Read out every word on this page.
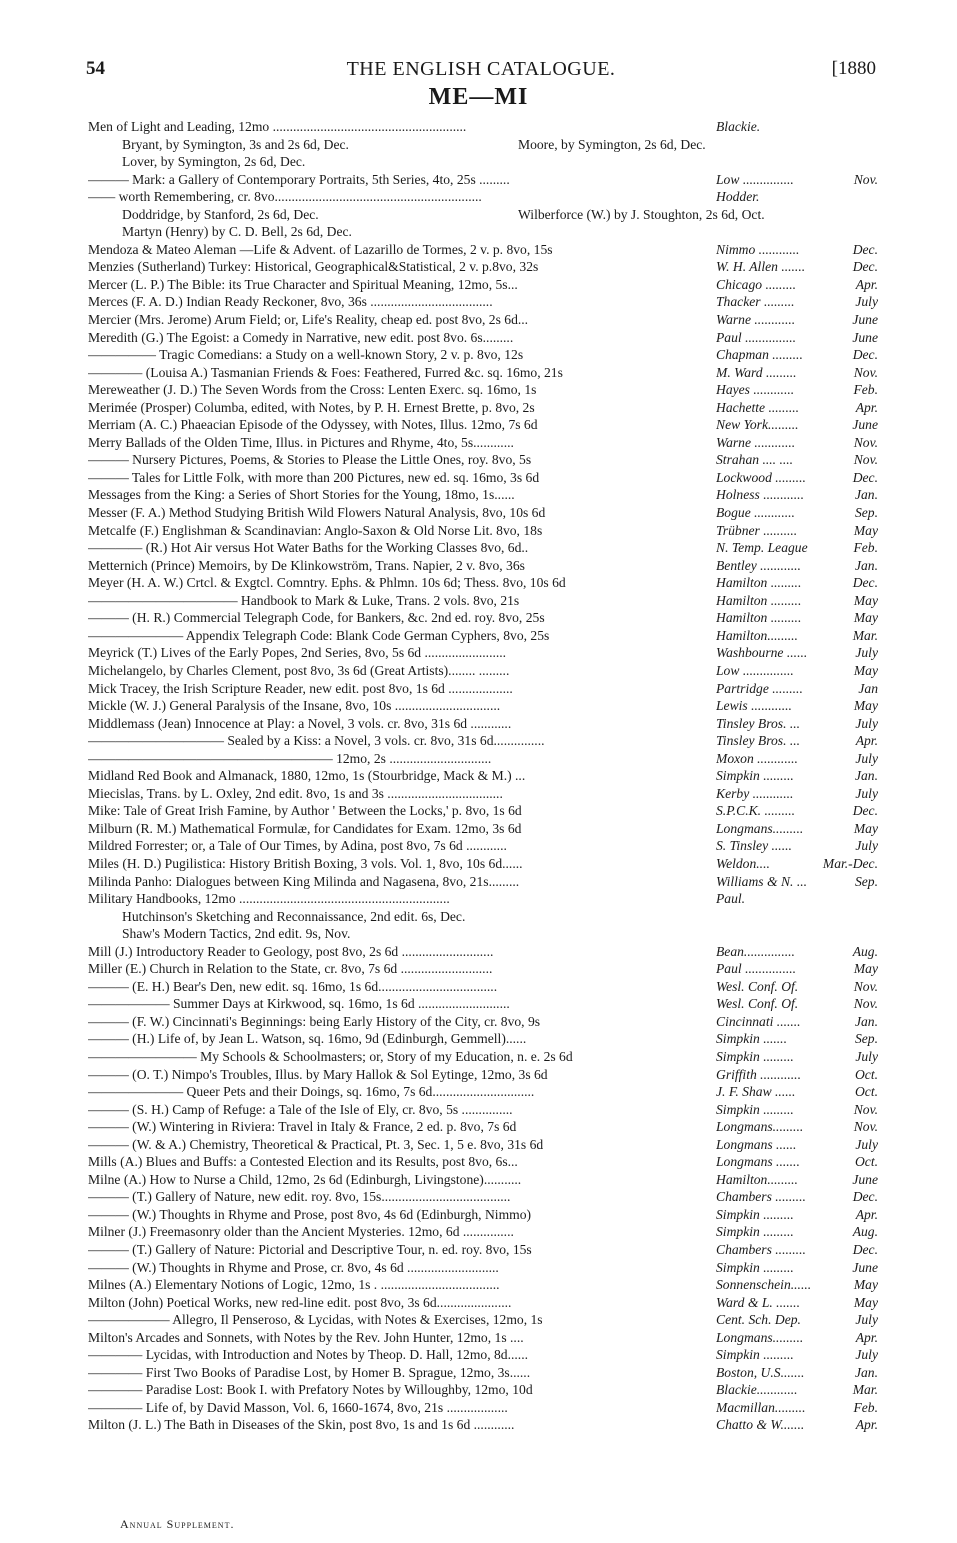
THE ENGLISH CATALOGUE.
54	[1880
ME—MI
Men of Light and Leading, 12mo .........................................................	Blackie.
Bryant, by Symington, 3s and 2s 6d, Dec.	Moore, by Symington, 2s 6d, Dec.
Lover, by Symington, 2s 6d, Dec.
——— Mark: a Gallery of Contemporary Portraits, 5th Series, 4to, 25s .........	Low ...............	Nov.
—— worth Remembering, cr. 8vo.............................................................	Hodder.
Doddridge, by Stanford, 2s 6d, Dec.	Wilberforce (W.) by J. Stoughton, 2s 6d, Oct.
Martyn (Henry) by C. D. Bell, 2s 6d, Dec.
Mendoza & Mateo Aleman —Life & Advent. of Lazarillo de Tormes, 2 v. p. 8vo, 15s	Nimmo ............	Dec.
Menzies (Sutherland) Turkey: Historical, Geographical&Statistical, 2 v. p.8vo, 32s	W. H. Allen .......	Dec.
Mercer (L. P.) The Bible: its True Character and Spiritual Meaning, 12mo, 5s...	Chicago .........	Apr.
Merces (F. A. D.) Indian Ready Reckoner, 8vo, 36s ....................................	Thacker .........	July
Mercier (Mrs. Jerome) Arum Field; or, Life's Reality, cheap ed. post 8vo, 2s 6d...	Warne ............	June
Meredith (G.) The Egoist: a Comedy in Narrative, new edit. post 8vo. 6s.........	Paul ...............	June
————— Tragic Comedians: a Study on a well-known Story, 2 v. p. 8vo, 12s	Chapman .........	Dec.
———— (Louisa A.) Tasmanian Friends & Foes: Feathered, Furred &c. sq. 16mo, 21s	M. Ward .........	Nov.
Mereweather (J. D.) The Seven Words from the Cross: Lenten Exerc. sq. 16mo, 1s	Hayes ............	Feb.
Merimée (Prosper) Columba, edited, with Notes, by P. H. Ernest Brette, p. 8vo, 2s	Hachette .........	Apr.
Merriam (A. C.) Phaeacian Episode of the Odyssey, with Notes, Illus. 12mo, 7s 6d	New York.........	June
Merry Ballads of the Olden Time, Illus. in Pictures and Rhyme, 4to, 5s............	Warne ............	Nov.
——— Nursery Pictures, Poems, & Stories to Please the Little Ones, roy. 8vo, 5s	Strahan .... ....	Nov.
——— Tales for Little Folk, with more than 200 Pictures, new ed. sq. 16mo, 3s 6d	Lockwood .........	Dec.
Messages from the King: a Series of Short Stories for the Young, 18mo, 1s......	Holness ............	Jan.
Messer (F. A.) Method Studying British Wild Flowers Natural Analysis, 8vo, 10s 6d	Bogue ............	Sep.
Metcalfe (F.) Englishman & Scandinavian: Anglo-Saxon & Old Norse Lit. 8vo, 18s	Trübner ..........	May
———— (R.) Hot Air versus Hot Water Baths for the Working Classes 8vo, 6d..	N. Temp. League	Feb.
Metternich (Prince) Memoirs, by De Klinkowström, Trans. Napier, 2 v. 8vo, 36s	Bentley ............	Jan.
Meyer (H. A. W.) Crtcl. & Exgtcl. Comntry. Ephs. & Phlmn. 10s 6d; Thess. 8vo, 10s 6d	Hamilton .........	Dec.
——————————— Handbook to Mark & Luke, Trans. 2 vols. 8vo, 21s	Hamilton .........	May
——— (H. R.) Commercial Telegraph Code, for Bankers, &c. 2nd ed. roy. 8vo, 25s	Hamilton .........	May
——————— Appendix Telegraph Code: Blank Code German Cyphers, 8vo, 25s	Hamilton.........	Mar.
Meyrick (T.) Lives of the Early Popes, 2nd Series, 8vo, 5s 6d ........................	Washbourne ......	July
Michelangelo, by Charles Clement, post 8vo, 3s 6d (Great Artists)........ .........	Low ...............	May
Mick Tracey, the Irish Scripture Reader, new edit. post 8vo, 1s 6d ...................	Partridge .........	Jan
Mickle (W. J.) General Paralysis of the Insane, 8vo, 10s ...............................	Lewis ............	May
Middlemass (Jean) Innocence at Play: a Novel, 3 vols. cr. 8vo, 31s 6d ............	Tinsley Bros. ...	July
—————————— Sealed by a Kiss: a Novel, 3 vols. cr. 8vo, 31s 6d...............	Tinsley Bros. ...	Apr.
—————————————————— 12mo, 2s ..............................	Moxon ............	July
Midland Red Book and Almanack, 1880, 12mo, 1s (Stourbridge, Mack & M.) ...	Simpkin .........	Jan.
Miecislas, Trans. by L. Oxley, 2nd edit. 8vo, 1s and 3s ..................................	Kerby ............	July
Mike: Tale of Great Irish Famine, by Author ' Between the Locks,' p. 8vo, 1s 6d	S.P.C.K. .........	Dec.
Milburn (R. M.) Mathematical Formulæ, for Candidates for Exam. 12mo, 3s 6d	Longmans.........	May
Mildred Forrester; or, a Tale of Our Times, by Adina, post 8vo, 7s 6d ............	S. Tinsley ......	July
Miles (H. D.) Pugilistica: History British Boxing, 3 vols. Vol. 1, 8vo, 10s 6d......	Weldon....	Mar.-Dec.
Milinda Panho: Dialogues between King Milinda and Nagasena, 8vo, 21s.........	Williams & N. ...	Sep.
Military Handbooks, 12mo ..............................................................	Paul.
Hutchinson's Sketching and Reconnaissance, 2nd edit. 6s, Dec.
Shaw's Modern Tactics, 2nd edit. 9s, Nov.
Mill (J.) Introductory Reader to Geology, post 8vo, 2s 6d ...........................	Bean...............	Aug.
Miller (E.) Church in Relation to the State, cr. 8vo, 7s 6d ...........................	Paul ...............	May
——— (E. H.) Bear's Den, new edit. sq. 16mo, 1s 6d...................................	Wesl. Conf. Of.	Nov.
—————— Summer Days at Kirkwood, sq. 16mo, 1s 6d ...........................	Wesl. Conf. Of.	Nov.
——— (F. W.) Cincinnati's Beginnings: being Early History of the City, cr. 8vo, 9s	Cincinnati .......	Jan.
——— (H.) Life of, by Jean L. Watson, sq. 16mo, 9d (Edinburgh, Gemmell)......	Simpkin .......	Sep.
———————— My Schools & Schoolmasters; or, Story of my Education, n. e. 2s 6d	Simpkin .........	July
——— (O. T.) Nimpo's Troubles, Illus. by Mary Hallok & Sol Eytinge, 12mo, 3s 6d	Griffith ............	Oct.
——————— Queer Pets and their Doings, sq. 16mo, 7s 6d..............................	J. F. Shaw ......	Oct.
——— (S. H.) Camp of Refuge: a Tale of the Isle of Ely, cr. 8vo, 5s ...............	Simpkin .........	Nov.
——— (W.) Wintering in Riviera: Travel in Italy & France, 2 ed. p. 8vo, 7s 6d	Longmans.........	Nov.
——— (W. & A.) Chemistry, Theoretical & Practical, Pt. 3, Sec. 1, 5 e. 8vo, 31s 6d	Longmans ......	July
Mills (A.) Blues and Buffs: a Contested Election and its Results, post 8vo, 6s...	Longmans .......	Oct.
Milne (A.) How to Nurse a Child, 12mo, 2s 6d (Edinburgh, Livingstone)...........	Hamilton.........	June
——— (T.) Gallery of Nature, new edit. roy. 8vo, 15s......................................	Chambers .........	Dec.
——— (W.) Thoughts in Rhyme and Prose, post 8vo, 4s 6d (Edinburgh, Nimmo)	Simpkin .........	Apr.
Milner (J.) Freemasonry older than the Ancient Mysteries. 12mo, 6d ...............	Simpkin .........	Aug.
——— (T.) Gallery of Nature: Pictorial and Descriptive Tour, n. ed. roy. 8vo, 15s	Chambers .........	Dec.
——— (W.) Thoughts in Rhyme and Prose, cr. 8vo, 4s 6d ...........................	Simpkin .........	June
Milnes (A.) Elementary Notions of Logic, 12mo, 1s . ...................................	Sonnenschein......	May
Milton (John) Poetical Works, new red-line edit. post 8vo, 3s 6d......................	Ward & L. .......	May
—————— Allegro, Il Penseroso, & Lycidas, with Notes & Exercises, 12mo, 1s	Cent. Sch. Dep.	July
Milton's Arcades and Sonnets, with Notes by the Rev. John Hunter, 12mo, 1s ....	Longmans.........	Apr.
———— Lycidas, with Introduction and Notes by Theop. D. Hall, 12mo, 8d......	Simpkin .........	July
———— First Two Books of Paradise Lost, by Homer B. Sprague, 12mo, 3s......	Boston, U.S.......	Jan.
———— Paradise Lost: Book I. with Prefatory Notes by Willoughby, 12mo, 10d	Blackie............	Mar.
———— Life of, by David Masson, Vol. 6, 1660-1674, 8vo, 21s ..................	Macmillan.........	Feb.
Milton (J. L.) The Bath in Diseases of the Skin, post 8vo, 1s and 1s 6d ............	Chatto & W.......	Apr.
Annual Supplement.
